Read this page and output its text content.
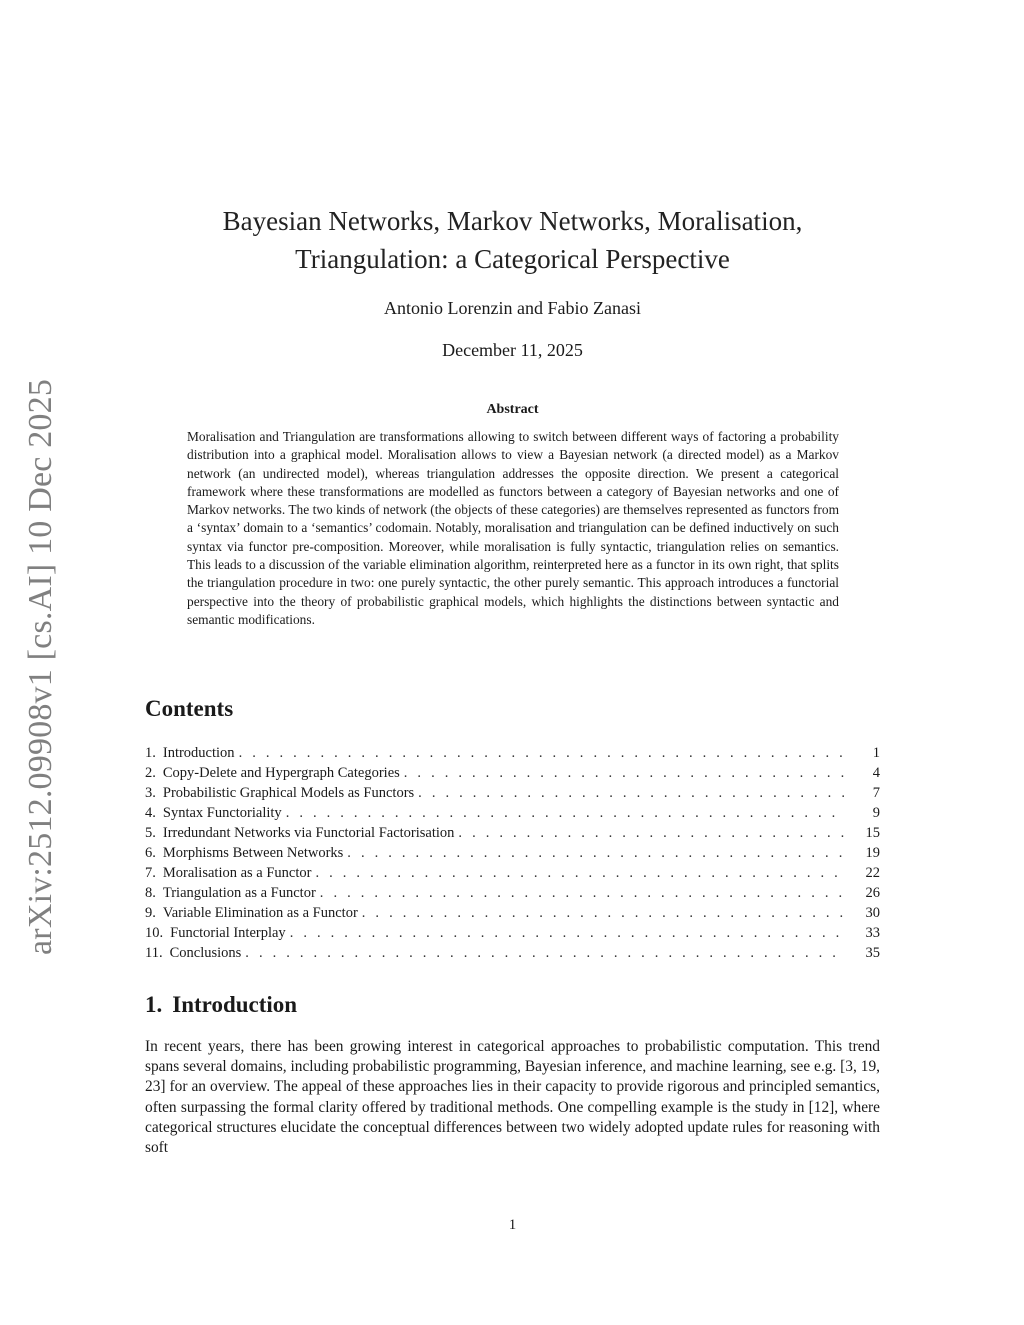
arXiv:2512.09908v1 [cs.AI] 10 Dec 2025
Bayesian Networks, Markov Networks, Moralisation,
Triangulation: a Categorical Perspective
Antonio Lorenzin and Fabio Zanasi
December 11, 2025
Abstract
Moralisation and Triangulation are transformations allowing to switch between different ways of factoring a probability distribution into a graphical model. Moralisation allows to view a Bayesian network (a directed model) as a Markov network (an undirected model), whereas triangulation addresses the opposite direction. We present a categorical framework where these transformations are modelled as functors between a category of Bayesian networks and one of Markov networks. The two kinds of network (the objects of these categories) are themselves represented as functors from a ‘syntax’ domain to a ‘semantics’ codomain. Notably, moralisation and triangulation can be defined inductively on such syntax via functor pre-composition. Moreover, while moralisation is fully syntactic, triangulation relies on semantics. This leads to a discussion of the variable elimination algorithm, reinterpreted here as a functor in its own right, that splits the triangulation procedure in two: one purely syntactic, the other purely semantic. This approach introduces a functorial perspective into the theory of probabilistic graphical models, which highlights the distinctions between syntactic and semantic modifications.
Contents
1. Introduction . . .	1
2. Copy-Delete and Hypergraph Categories . . .	4
3. Probabilistic Graphical Models as Functors . . .	7
4. Syntax Functoriality . . .	9
5. Irredundant Networks via Functorial Factorisation . . .	15
6. Morphisms Between Networks . . .	19
7. Moralisation as a Functor . . .	22
8. Triangulation as a Functor . . .	26
9. Variable Elimination as a Functor . . .	30
10. Functorial Interplay . . .	33
11. Conclusions . . .	35
1. Introduction
In recent years, there has been growing interest in categorical approaches to probabilistic computation. This trend spans several domains, including probabilistic programming, Bayesian inference, and machine learning, see e.g. [3, 19, 23] for an overview. The appeal of these approaches lies in their capacity to provide rigorous and principled semantics, often surpassing the formal clarity offered by traditional methods. One compelling example is the study in [12], where categorical structures elucidate the conceptual differences between two widely adopted update rules for reasoning with soft
1
